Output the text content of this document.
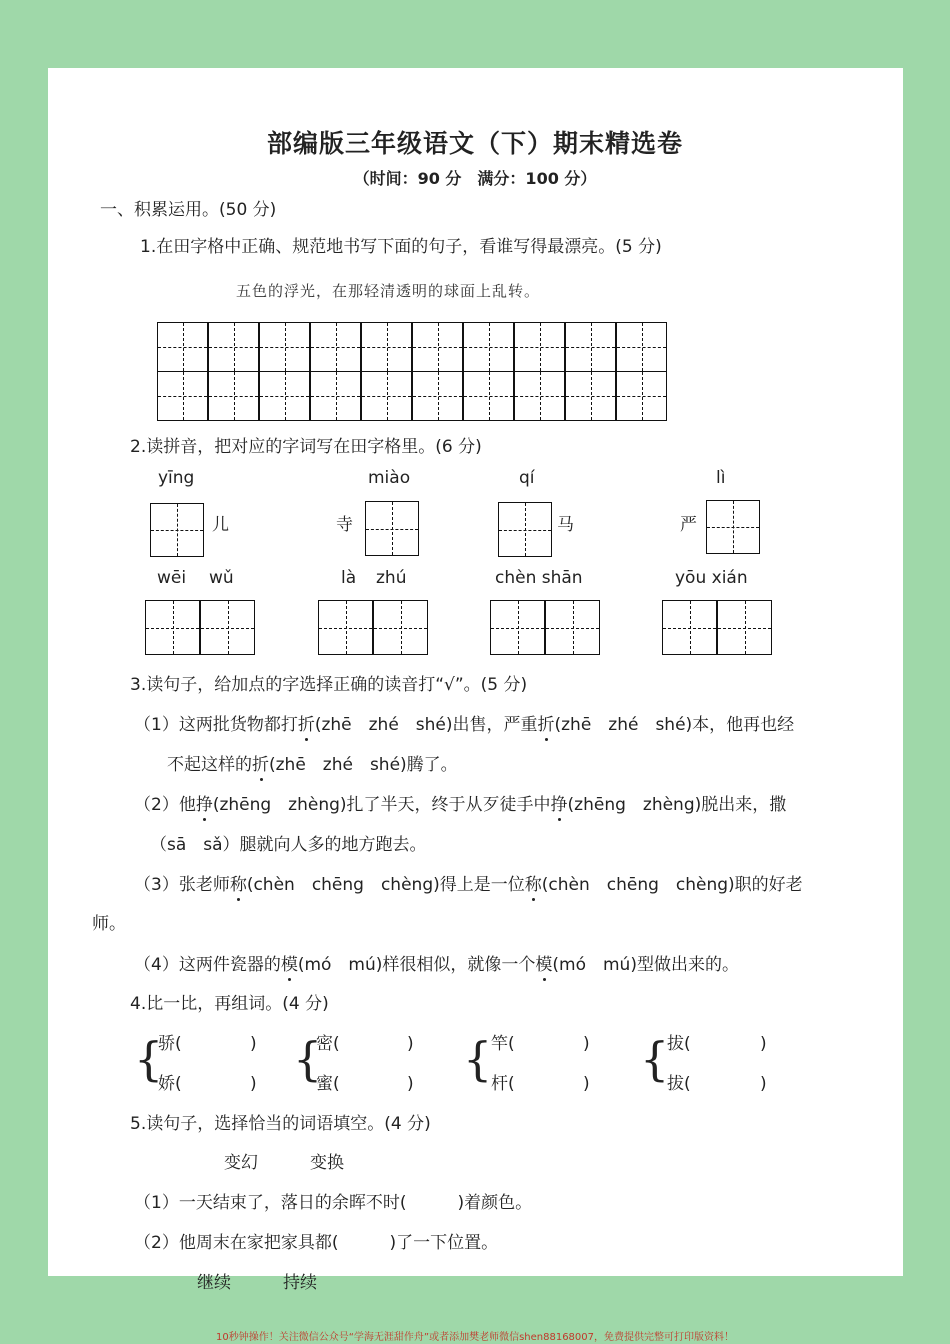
部编版三年级语文（下）期末精选卷
（时间：90 分　满分：100 分）
一、积累运用。(50 分)
1.在田字格中正确、规范地书写下面的句子，看谁写得最漂亮。(5 分)
五色的浮光，在那轻清透明的球面上乱转。
2.读拼音，把对应的字词写在田字格里。(6 分)
yīng
儿
miào
寺
qí
马
lì
严
wēi wǔ	là zhú	chèn shān	yōu xián
3.读句子，给加点的字选择正确的读音打“√”。(5 分)
（1）这两批货物都打折(zhē　zhé　shé)出售，严重折(zhē　zhé　shé)本，他再也经
不起这样的折(zhē　zhé　shé)腾了。
（2）他挣(zhēng　zhèng)扎了半天，终于从歹徒手中挣(zhēng　zhèng)脱出来，撒
（sā　sǎ）腿就向人多的地方跑去。
（3）张老师称(chèn　chēng　chèng)得上是一位称(chèn　chēng　chèng)职的好老
师。
（4）这两件瓷器的模(mó　mú)样很相似，就像一个模(mó　mú)型做出来的。
4.比一比，再组词。(4 分)
{
骄(	)
娇(	) {
密(	)
蜜(	) {
竿(	)
杆(	) {
拔(	)
拔(	)
5.读句子，选择恰当的词语填空。(4 分)
变幻	变换
（1）一天结束了，落日的余晖不时(　　　)着颜色。
（2）他周末在家把家具都(　　　)了一下位置。
继续	持续
10秒钟操作！关注微信公众号“学海无涯甜作舟”或者添加樊老师微信shen88168007，免费提供完整可打印版资料！
